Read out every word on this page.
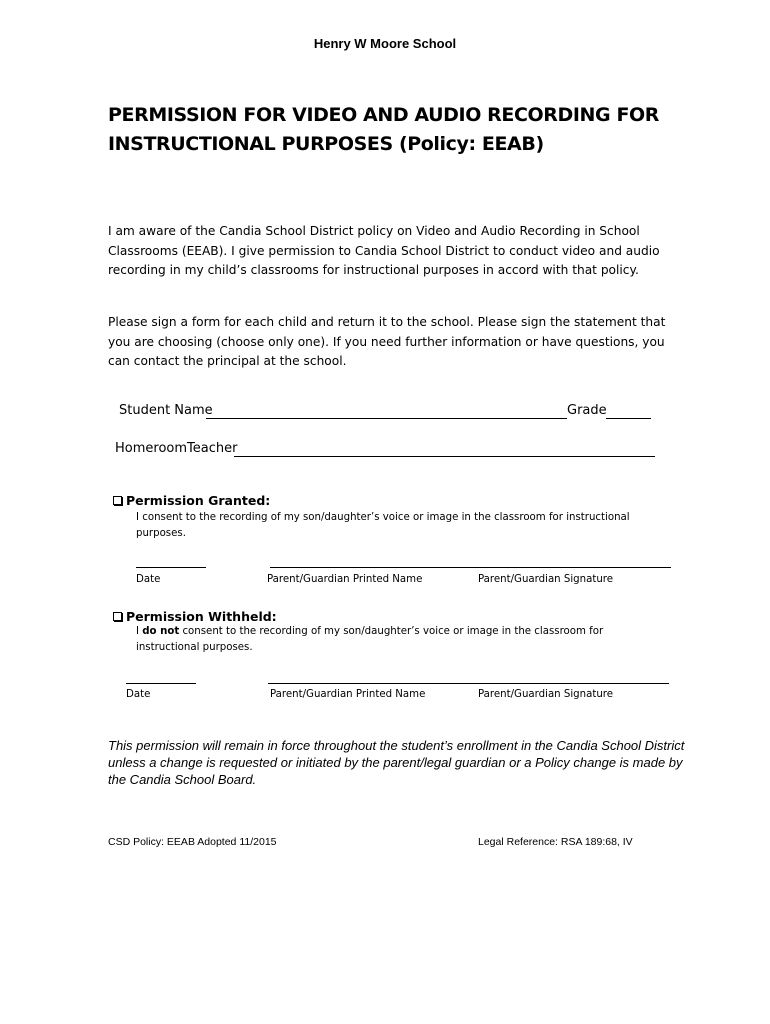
Henry W Moore School
PERMISSION FOR VIDEO AND AUDIO RECORDING FOR INSTRUCTIONAL PURPOSES (Policy: EEAB)
I am aware of the Candia School District policy on Video and Audio Recording in School Classrooms (EEAB). I give permission to Candia School District to conduct video and audio recording in my child’s classrooms for instructional purposes in accord with that policy.
Please sign a form for each child and return it to the school. Please sign the statement that you are choosing (choose only one). If you need further information or have questions, you can contact the principal at the school.
Student Name	Grade
HomeroomTeacher
Permission Granted:
I consent to the recording of my son/daughter’s voice or image in the classroom for instructional purposes.
Date	Parent/Guardian Printed Name	Parent/Guardian Signature
Permission Withheld:
I do not consent to the recording of my son/daughter’s voice or image in the classroom for instructional purposes.
Date	Parent/Guardian Printed Name	Parent/Guardian Signature
This permission will remain in force throughout the student’s enrollment in the Candia School District unless a change is requested or initiated by the parent/legal guardian or a Policy change is made by the Candia School Board.
CSD Policy: EEAB Adopted 11/2015	Legal Reference: RSA 189:68, IV
